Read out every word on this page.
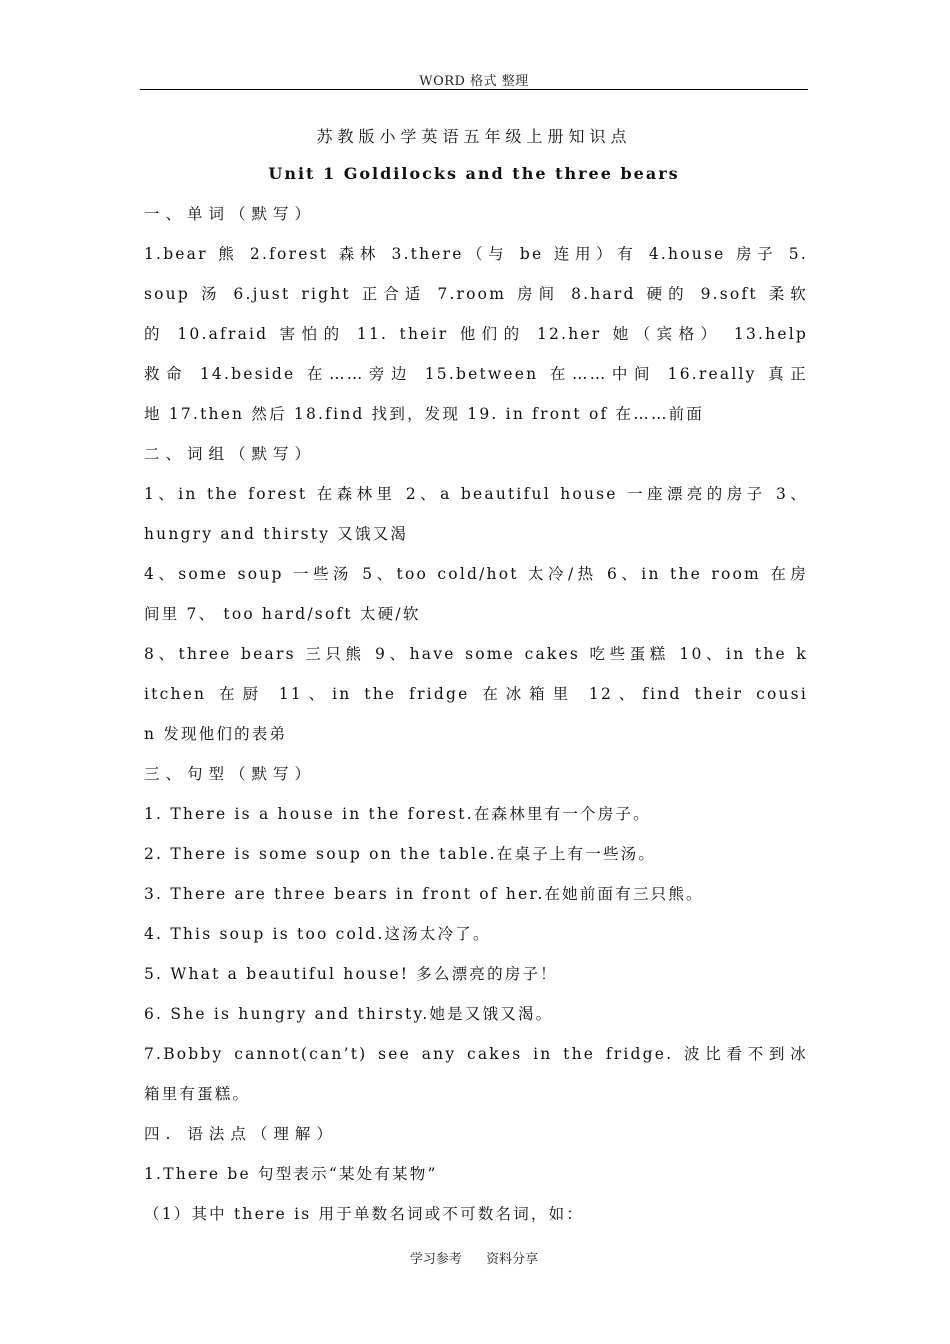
WORD 格式 整理
苏教版小学英语五年级上册知识点
Unit 1 Goldilocks and the three bears
一、单词（默写）
1.bear 熊 2.forest 森林 3.there（与 be 连用）有 4.house 房子 5.
soup 汤 6.just right 正合适 7.room 房间 8.hard 硬的 9.soft 柔软
的 10.afraid 害怕的 11. their 他们的 12.her 她（宾格） 13.help
救命 14.beside 在……旁边 15.between 在……中间 16.really 真正
地 17.then 然后 18.find 找到，发现 19. in front of 在……前面
二、词组（默写）
1、in the forest 在森林里 2、a beautiful house 一座漂亮的房子 3、
hungry and thirsty 又饿又渴
4、some soup 一些汤 5、too cold/hot 太冷/热 6、in the room 在房
间里 7、 too hard/soft 太硬/软
8、three bears 三只熊 9、have some cakes 吃些蛋糕 10、in the k
itchen 在厨 11、in the fridge 在冰箱里 12、find their cousi
n 发现他们的表弟
三、句型（默写）
1. There is a house in the forest.在森林里有一个房子。
2. There is some soup on the table.在桌子上有一些汤。
3. There are three bears in front of her.在她前面有三只熊。
4. This soup is too cold.这汤太冷了。
5. What a beautiful house! 多么漂亮的房子！
6. She is hungry and thirsty.她是又饿又渴。
7.Bobby cannot(can’t) see any cakes in the fridge. 波比看不到冰
箱里有蛋糕。
四. 语法点（理解）
1.There be 句型表示“某处有某物”
（1）其中 there is 用于单数名词或不可数名词，如：
学习参考 资料分享
